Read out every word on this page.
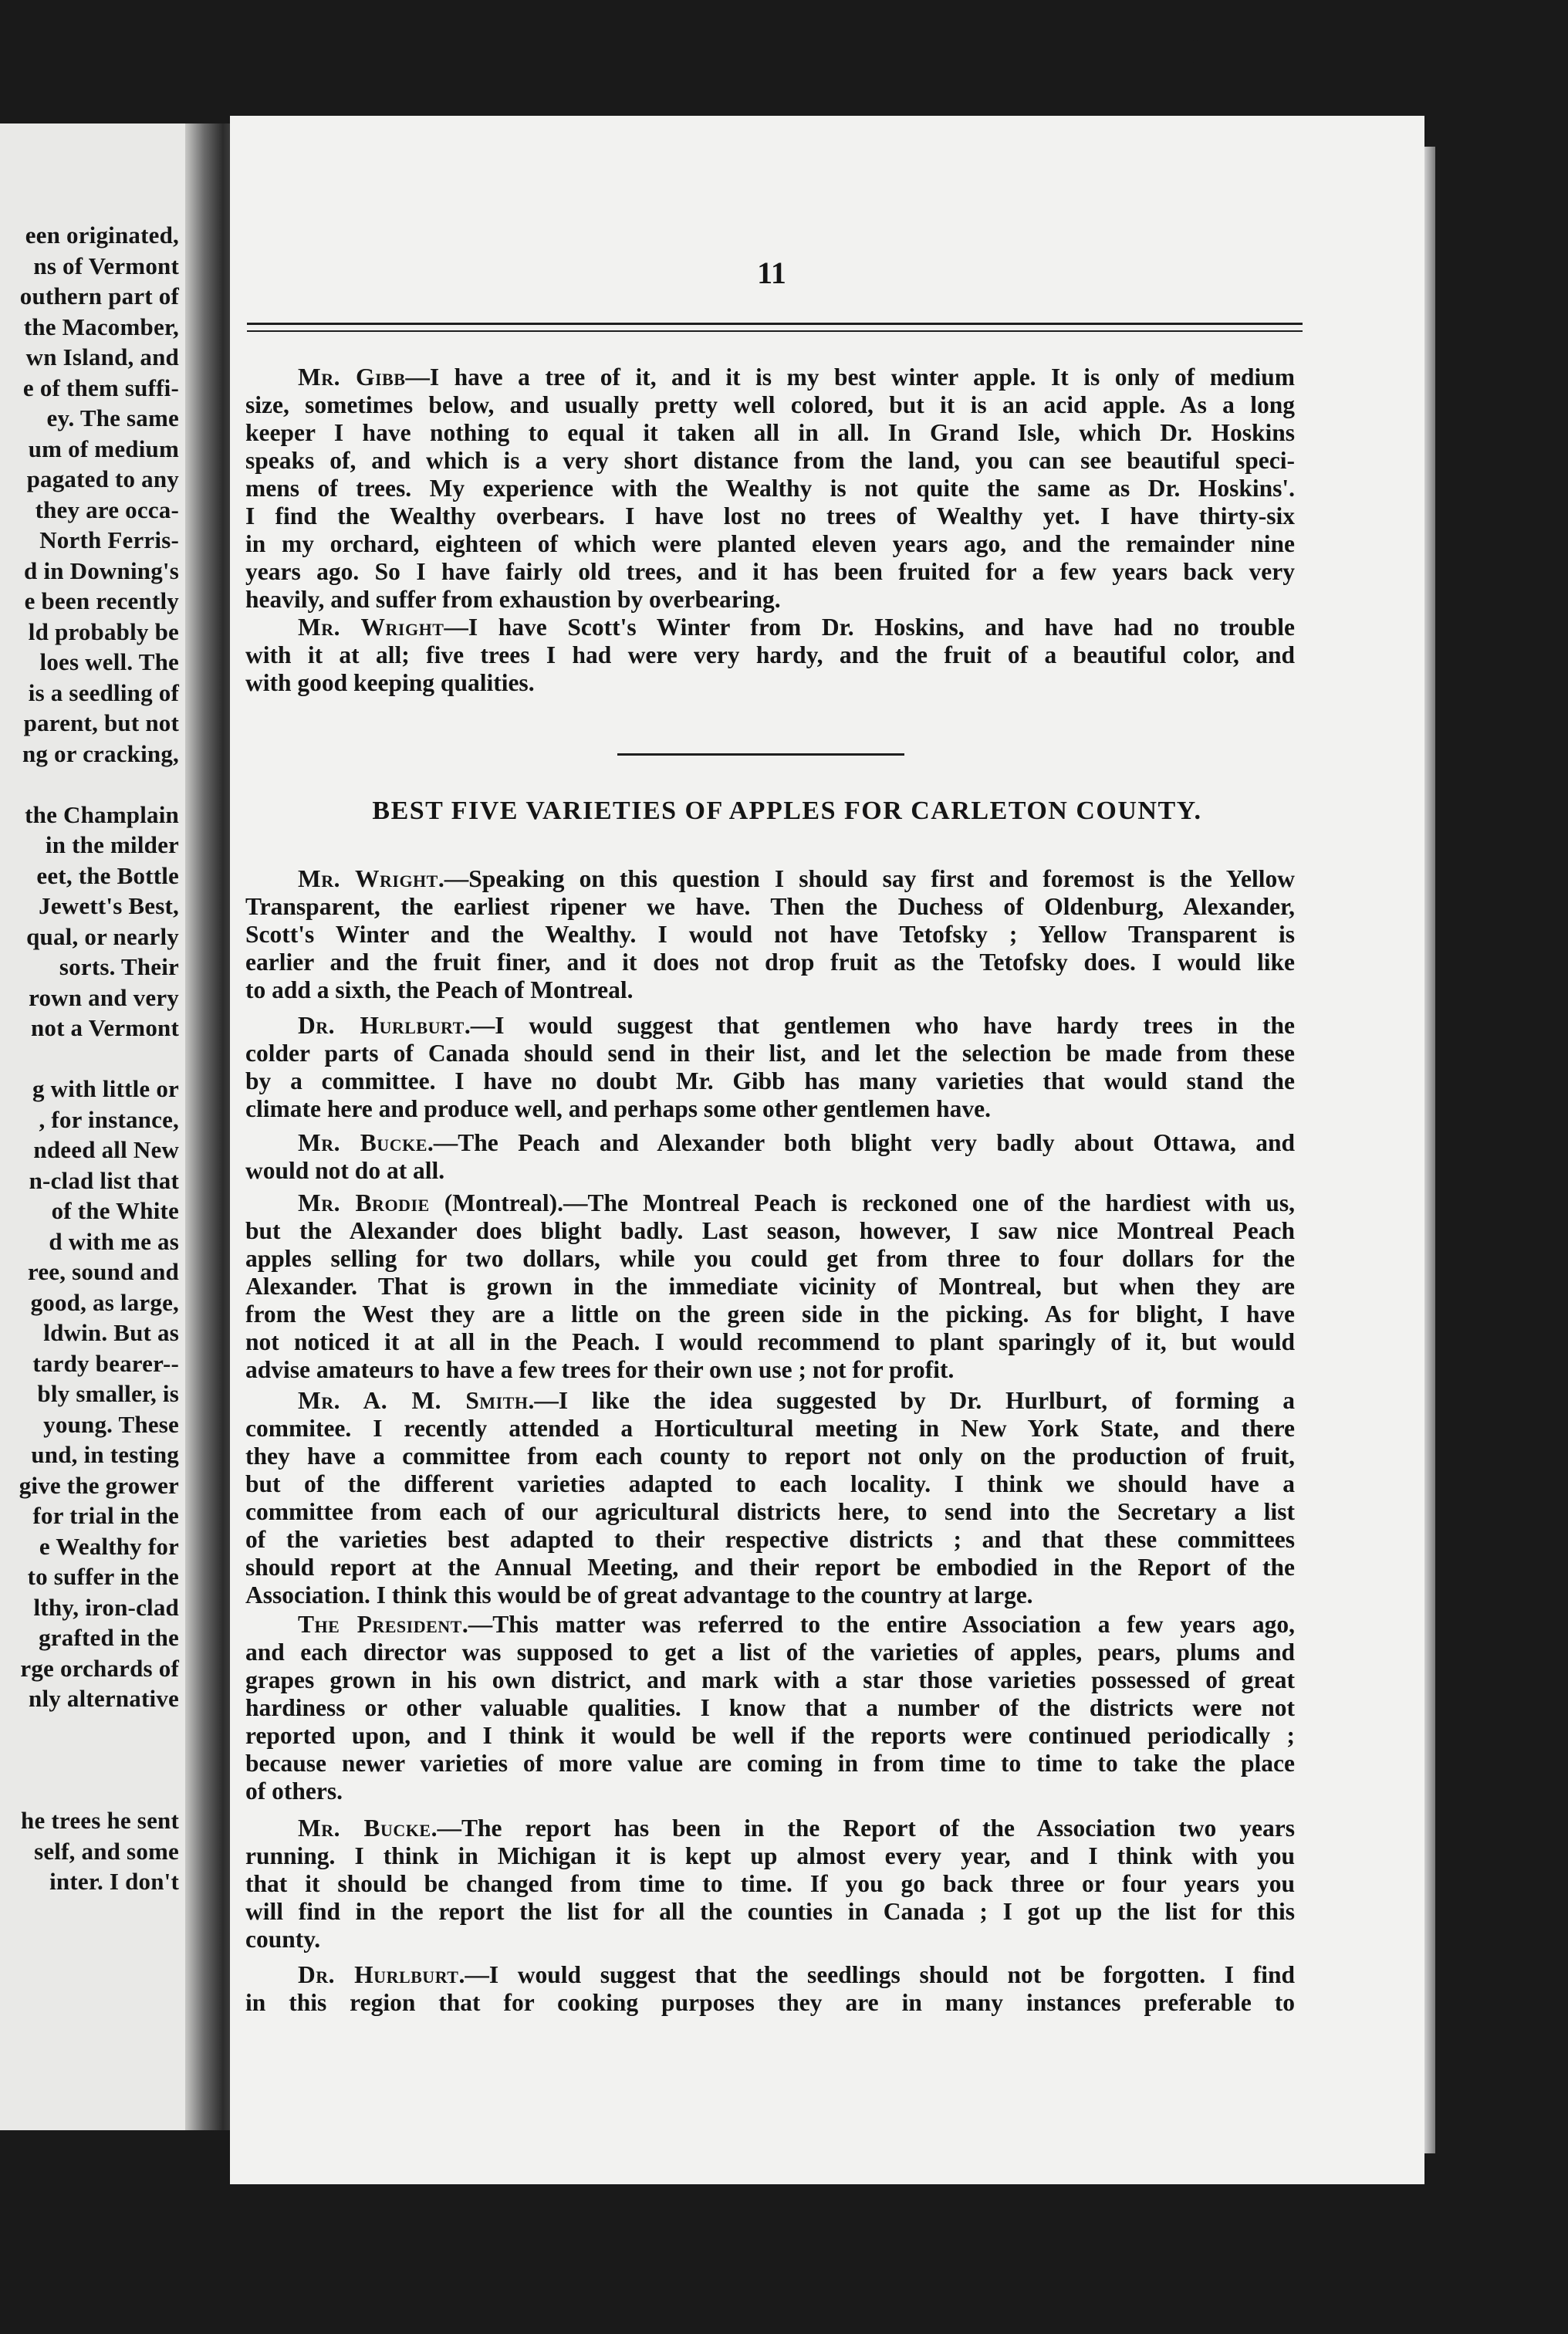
een originated,
ns of Vermont
outhern part of
the Macomber,
wn Island, and
e of them suffi-
ey. The same
um of medium
pagated to any
they are occa-
North Ferris-
d in Downing's
e been recently
ld probably be
loes well. The
is a seedling of
parent, but not
ng or cracking,
the Champlain
in the milder
eet, the Bottle
Jewett's Best,
qual, or nearly
sorts. Their
rown and very
not a Vermont
g with little or
, for instance,
ndeed all New
n-clad list that
of the White
d with me as
ree, sound and
good, as large,
ldwin. But as
tardy bearer--
bly smaller, is
young. These
und, in testing
give the grower
for trial in the
e Wealthy for
to suffer in the
lthy, iron-clad
grafted in the
rge orchards of
nly alternative
he trees he sent
self, and some
inter. I don't
11
BEST FIVE VARIETIES OF APPLES FOR CARLETON COUNTY.
Mr. Gibb—I have a tree of it, and it is my best winter apple. It is only of medium
size, sometimes below, and usually pretty well colored, but it is an acid apple. As a long
keeper I have nothing to equal it taken all in all. In Grand Isle, which Dr. Hoskins
speaks of, and which is a very short distance from the land, you can see beautiful speci-
mens of trees. My experience with the Wealthy is not quite the same as Dr. Hoskins'.
I find the Wealthy overbears. I have lost no trees of Wealthy yet. I have thirty-six
in my orchard, eighteen of which were planted eleven years ago, and the remainder nine
years ago. So I have fairly old trees, and it has been fruited for a few years back very
heavily, and suffer from exhaustion by overbearing.
Mr. Wright—I have Scott's Winter from Dr. Hoskins, and have had no trouble
with it at all; five trees I had were very hardy, and the fruit of a beautiful color, and
with good keeping qualities.
Mr. Wright.—Speaking on this question I should say first and foremost is the Yellow
Transparent, the earliest ripener we have. Then the Duchess of Oldenburg, Alexander,
Scott's Winter and the Wealthy. I would not have Tetofsky ; Yellow Transparent is
earlier and the fruit finer, and it does not drop fruit as the Tetofsky does. I would like
to add a sixth, the Peach of Montreal.
Dr. Hurlburt.—I would suggest that gentlemen who have hardy trees in the
colder parts of Canada should send in their list, and let the selection be made from these
by a committee. I have no doubt Mr. Gibb has many varieties that would stand the
climate here and produce well, and perhaps some other gentlemen have.
Mr. Bucke.—The Peach and Alexander both blight very badly about Ottawa, and
would not do at all.
Mr. Brodie (Montreal).—The Montreal Peach is reckoned one of the hardiest with us,
but the Alexander does blight badly. Last season, however, I saw nice Montreal Peach
apples selling for two dollars, while you could get from three to four dollars for the
Alexander. That is grown in the immediate vicinity of Montreal, but when they are
from the West they are a little on the green side in the picking. As for blight, I have
not noticed it at all in the Peach. I would recommend to plant sparingly of it, but would
advise amateurs to have a few trees for their own use ; not for profit.
Mr. A. M. Smith.—I like the idea suggested by Dr. Hurlburt, of forming a
commitee. I recently attended a Horticultural meeting in New York State, and there
they have a committee from each county to report not only on the production of fruit,
but of the different varieties adapted to each locality. I think we should have a
committee from each of our agricultural districts here, to send into the Secretary a list
of the varieties best adapted to their respective districts ; and that these committees
should report at the Annual Meeting, and their report be embodied in the Report of the
Association. I think this would be of great advantage to the country at large.
The President.—This matter was referred to the entire Association a few years ago,
and each director was supposed to get a list of the varieties of apples, pears, plums and
grapes grown in his own district, and mark with a star those varieties possessed of great
hardiness or other valuable qualities. I know that a number of the districts were not
reported upon, and I think it would be well if the reports were continued periodically ;
because newer varieties of more value are coming in from time to time to take the place
of others.
Mr. Bucke.—The report has been in the Report of the Association two years
running. I think in Michigan it is kept up almost every year, and I think with you
that it should be changed from time to time. If you go back three or four years you
will find in the report the list for all the counties in Canada ; I got up the list for this
county.
Dr. Hurlburt.—I would suggest that the seedlings should not be forgotten. I find
in this region that for cooking purposes they are in many instances preferable to
